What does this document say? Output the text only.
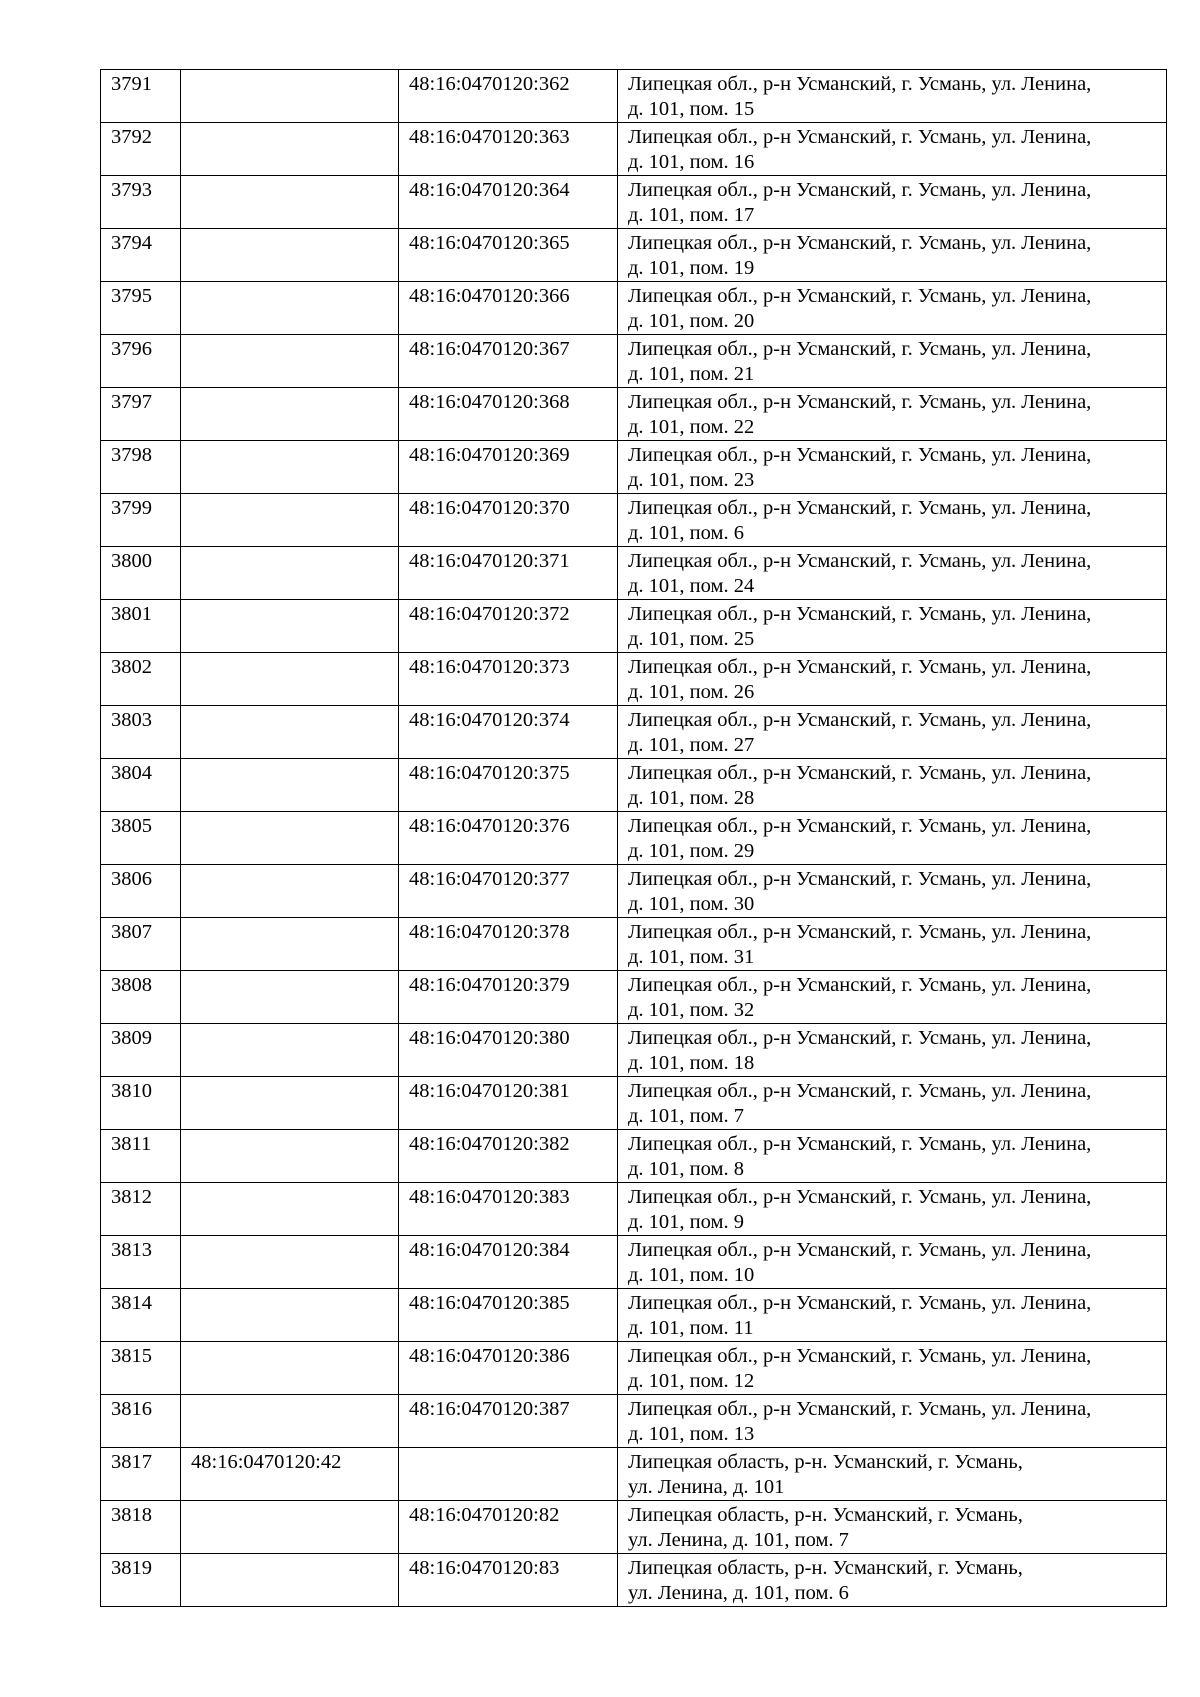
3791		48:16:0470120:362	Липецкая обл., р-н Усманский, г. Усмань, ул. Ленина,
д. 101, пом. 15

3792		48:16:0470120:363	Липецкая обл., р-н Усманский, г. Усмань, ул. Ленина,
д. 101, пом. 16

3793		48:16:0470120:364	Липецкая обл., р-н Усманский, г. Усмань, ул. Ленина,
д. 101, пом. 17

3794		48:16:0470120:365	Липецкая обл., р-н Усманский, г. Усмань, ул. Ленина,
д. 101, пом. 19

3795		48:16:0470120:366	Липецкая обл., р-н Усманский, г. Усмань, ул. Ленина,
д. 101, пом. 20

3796		48:16:0470120:367	Липецкая обл., р-н Усманский, г. Усмань, ул. Ленина,
д. 101, пом. 21

3797		48:16:0470120:368	Липецкая обл., р-н Усманский, г. Усмань, ул. Ленина,
д. 101, пом. 22

3798		48:16:0470120:369	Липецкая обл., р-н Усманский, г. Усмань, ул. Ленина,
д. 101, пом. 23

3799		48:16:0470120:370	Липецкая обл., р-н Усманский, г. Усмань, ул. Ленина,
д. 101, пом. 6

3800		48:16:0470120:371	Липецкая обл., р-н Усманский, г. Усмань, ул. Ленина,
д. 101, пом. 24

3801		48:16:0470120:372	Липецкая обл., р-н Усманский, г. Усмань, ул. Ленина,
д. 101, пом. 25

3802		48:16:0470120:373	Липецкая обл., р-н Усманский, г. Усмань, ул. Ленина,
д. 101, пом. 26

3803		48:16:0470120:374	Липецкая обл., р-н Усманский, г. Усмань, ул. Ленина,
д. 101, пом. 27

3804		48:16:0470120:375	Липецкая обл., р-н Усманский, г. Усмань, ул. Ленина,
д. 101, пом. 28

3805		48:16:0470120:376	Липецкая обл., р-н Усманский, г. Усмань, ул. Ленина,
д. 101, пом. 29

3806		48:16:0470120:377	Липецкая обл., р-н Усманский, г. Усмань, ул. Ленина,
д. 101, пом. 30

3807		48:16:0470120:378	Липецкая обл., р-н Усманский, г. Усмань, ул. Ленина,
д. 101, пом. 31

3808		48:16:0470120:379	Липецкая обл., р-н Усманский, г. Усмань, ул. Ленина,
д. 101, пом. 32

3809		48:16:0470120:380	Липецкая обл., р-н Усманский, г. Усмань, ул. Ленина,
д. 101, пом. 18

3810		48:16:0470120:381	Липецкая обл., р-н Усманский, г. Усмань, ул. Ленина,
д. 101, пом. 7

3811		48:16:0470120:382	Липецкая обл., р-н Усманский, г. Усмань, ул. Ленина,
д. 101, пом. 8

3812		48:16:0470120:383	Липецкая обл., р-н Усманский, г. Усмань, ул. Ленина,
д. 101, пом. 9

3813		48:16:0470120:384	Липецкая обл., р-н Усманский, г. Усмань, ул. Ленина,
д. 101, пом. 10

3814		48:16:0470120:385	Липецкая обл., р-н Усманский, г. Усмань, ул. Ленина,
д. 101, пом. 11

3815		48:16:0470120:386	Липецкая обл., р-н Усманский, г. Усмань, ул. Ленина,
д. 101, пом. 12

3816		48:16:0470120:387	Липецкая обл., р-н Усманский, г. Усмань, ул. Ленина,
д. 101, пом. 13

3817	48:16:0470120:42		Липецкая область, р-н. Усманский, г. Усмань,
ул. Ленина, д. 101

3818		48:16:0470120:82	Липецкая область, р-н. Усманский, г. Усмань,
ул. Ленина, д. 101, пом. 7

3819		48:16:0470120:83	Липецкая область, р-н. Усманский, г. Усмань,
ул. Ленина, д. 101, пом. 6
